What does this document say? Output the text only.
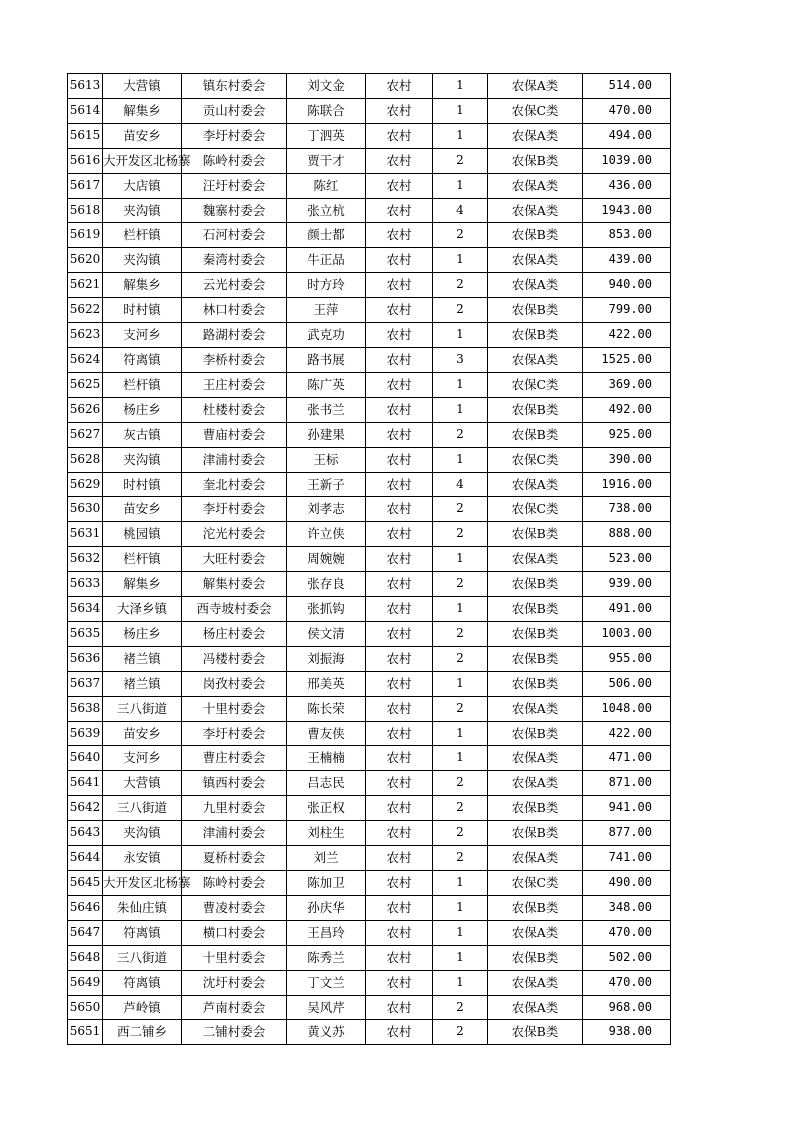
5613	大营镇	镇东村委会	刘文金	农村	1	农保A类	514.00
5614	解集乡	贡山村委会	陈联合	农村	1	农保C类	470.00
5615	苗安乡	李圩村委会	丁泗英	农村	1	农保A类	494.00
5616	大开发区北杨寨	陈岭村委会	贾干才	农村	2	农保B类	1039.00
5617	大店镇	汪圩村委会	陈红	农村	1	农保A类	436.00
5618	夹沟镇	魏寨村委会	张立杭	农村	4	农保A类	1943.00
5619	栏杆镇	石河村委会	颜士都	农村	2	农保B类	853.00
5620	夹沟镇	秦湾村委会	牛正品	农村	1	农保A类	439.00
5621	解集乡	云光村委会	时方玲	农村	2	农保A类	940.00
5622	时村镇	林口村委会	王萍	农村	2	农保B类	799.00
5623	支河乡	路湖村委会	武克功	农村	1	农保B类	422.00
5624	符离镇	李桥村委会	路书展	农村	3	农保A类	1525.00
5625	栏杆镇	王庄村委会	陈广英	农村	1	农保C类	369.00
5626	杨庄乡	杜楼村委会	张书兰	农村	1	农保B类	492.00
5627	灰古镇	曹庙村委会	孙建果	农村	2	农保B类	925.00
5628	夹沟镇	津浦村委会	王标	农村	1	农保C类	390.00
5629	时村镇	奎北村委会	王新子	农村	4	农保A类	1916.00
5630	苗安乡	李圩村委会	刘孝志	农村	2	农保C类	738.00
5631	桃园镇	沱光村委会	许立侠	农村	2	农保B类	888.00
5632	栏杆镇	大旺村委会	周婉婉	农村	1	农保A类	523.00
5633	解集乡	解集村委会	张存良	农村	2	农保B类	939.00
5634	大泽乡镇	西寺坡村委会	张抓钩	农村	1	农保B类	491.00
5635	杨庄乡	杨庄村委会	侯文清	农村	2	农保B类	1003.00
5636	褚兰镇	冯楼村委会	刘振海	农村	2	农保B类	955.00
5637	褚兰镇	岗孜村委会	邢美英	农村	1	农保B类	506.00
5638	三八街道	十里村委会	陈长荣	农村	2	农保A类	1048.00
5639	苗安乡	李圩村委会	曹友侠	农村	1	农保B类	422.00
5640	支河乡	曹庄村委会	王楠楠	农村	1	农保A类	471.00
5641	大营镇	镇西村委会	吕志民	农村	2	农保A类	871.00
5642	三八街道	九里村委会	张正权	农村	2	农保B类	941.00
5643	夹沟镇	津浦村委会	刘柱生	农村	2	农保B类	877.00
5644	永安镇	夏桥村委会	刘兰	农村	2	农保A类	741.00
5645	大开发区北杨寨	陈岭村委会	陈加卫	农村	1	农保C类	490.00
5646	朱仙庄镇	曹凌村委会	孙庆华	农村	1	农保B类	348.00
5647	符离镇	横口村委会	王昌玲	农村	1	农保A类	470.00
5648	三八街道	十里村委会	陈秀兰	农村	1	农保B类	502.00
5649	符离镇	沈圩村委会	丁文兰	农村	1	农保A类	470.00
5650	芦岭镇	芦南村委会	吴风芹	农村	2	农保A类	968.00
5651	西二铺乡	二铺村委会	黄义苏	农村	2	农保B类	938.00
